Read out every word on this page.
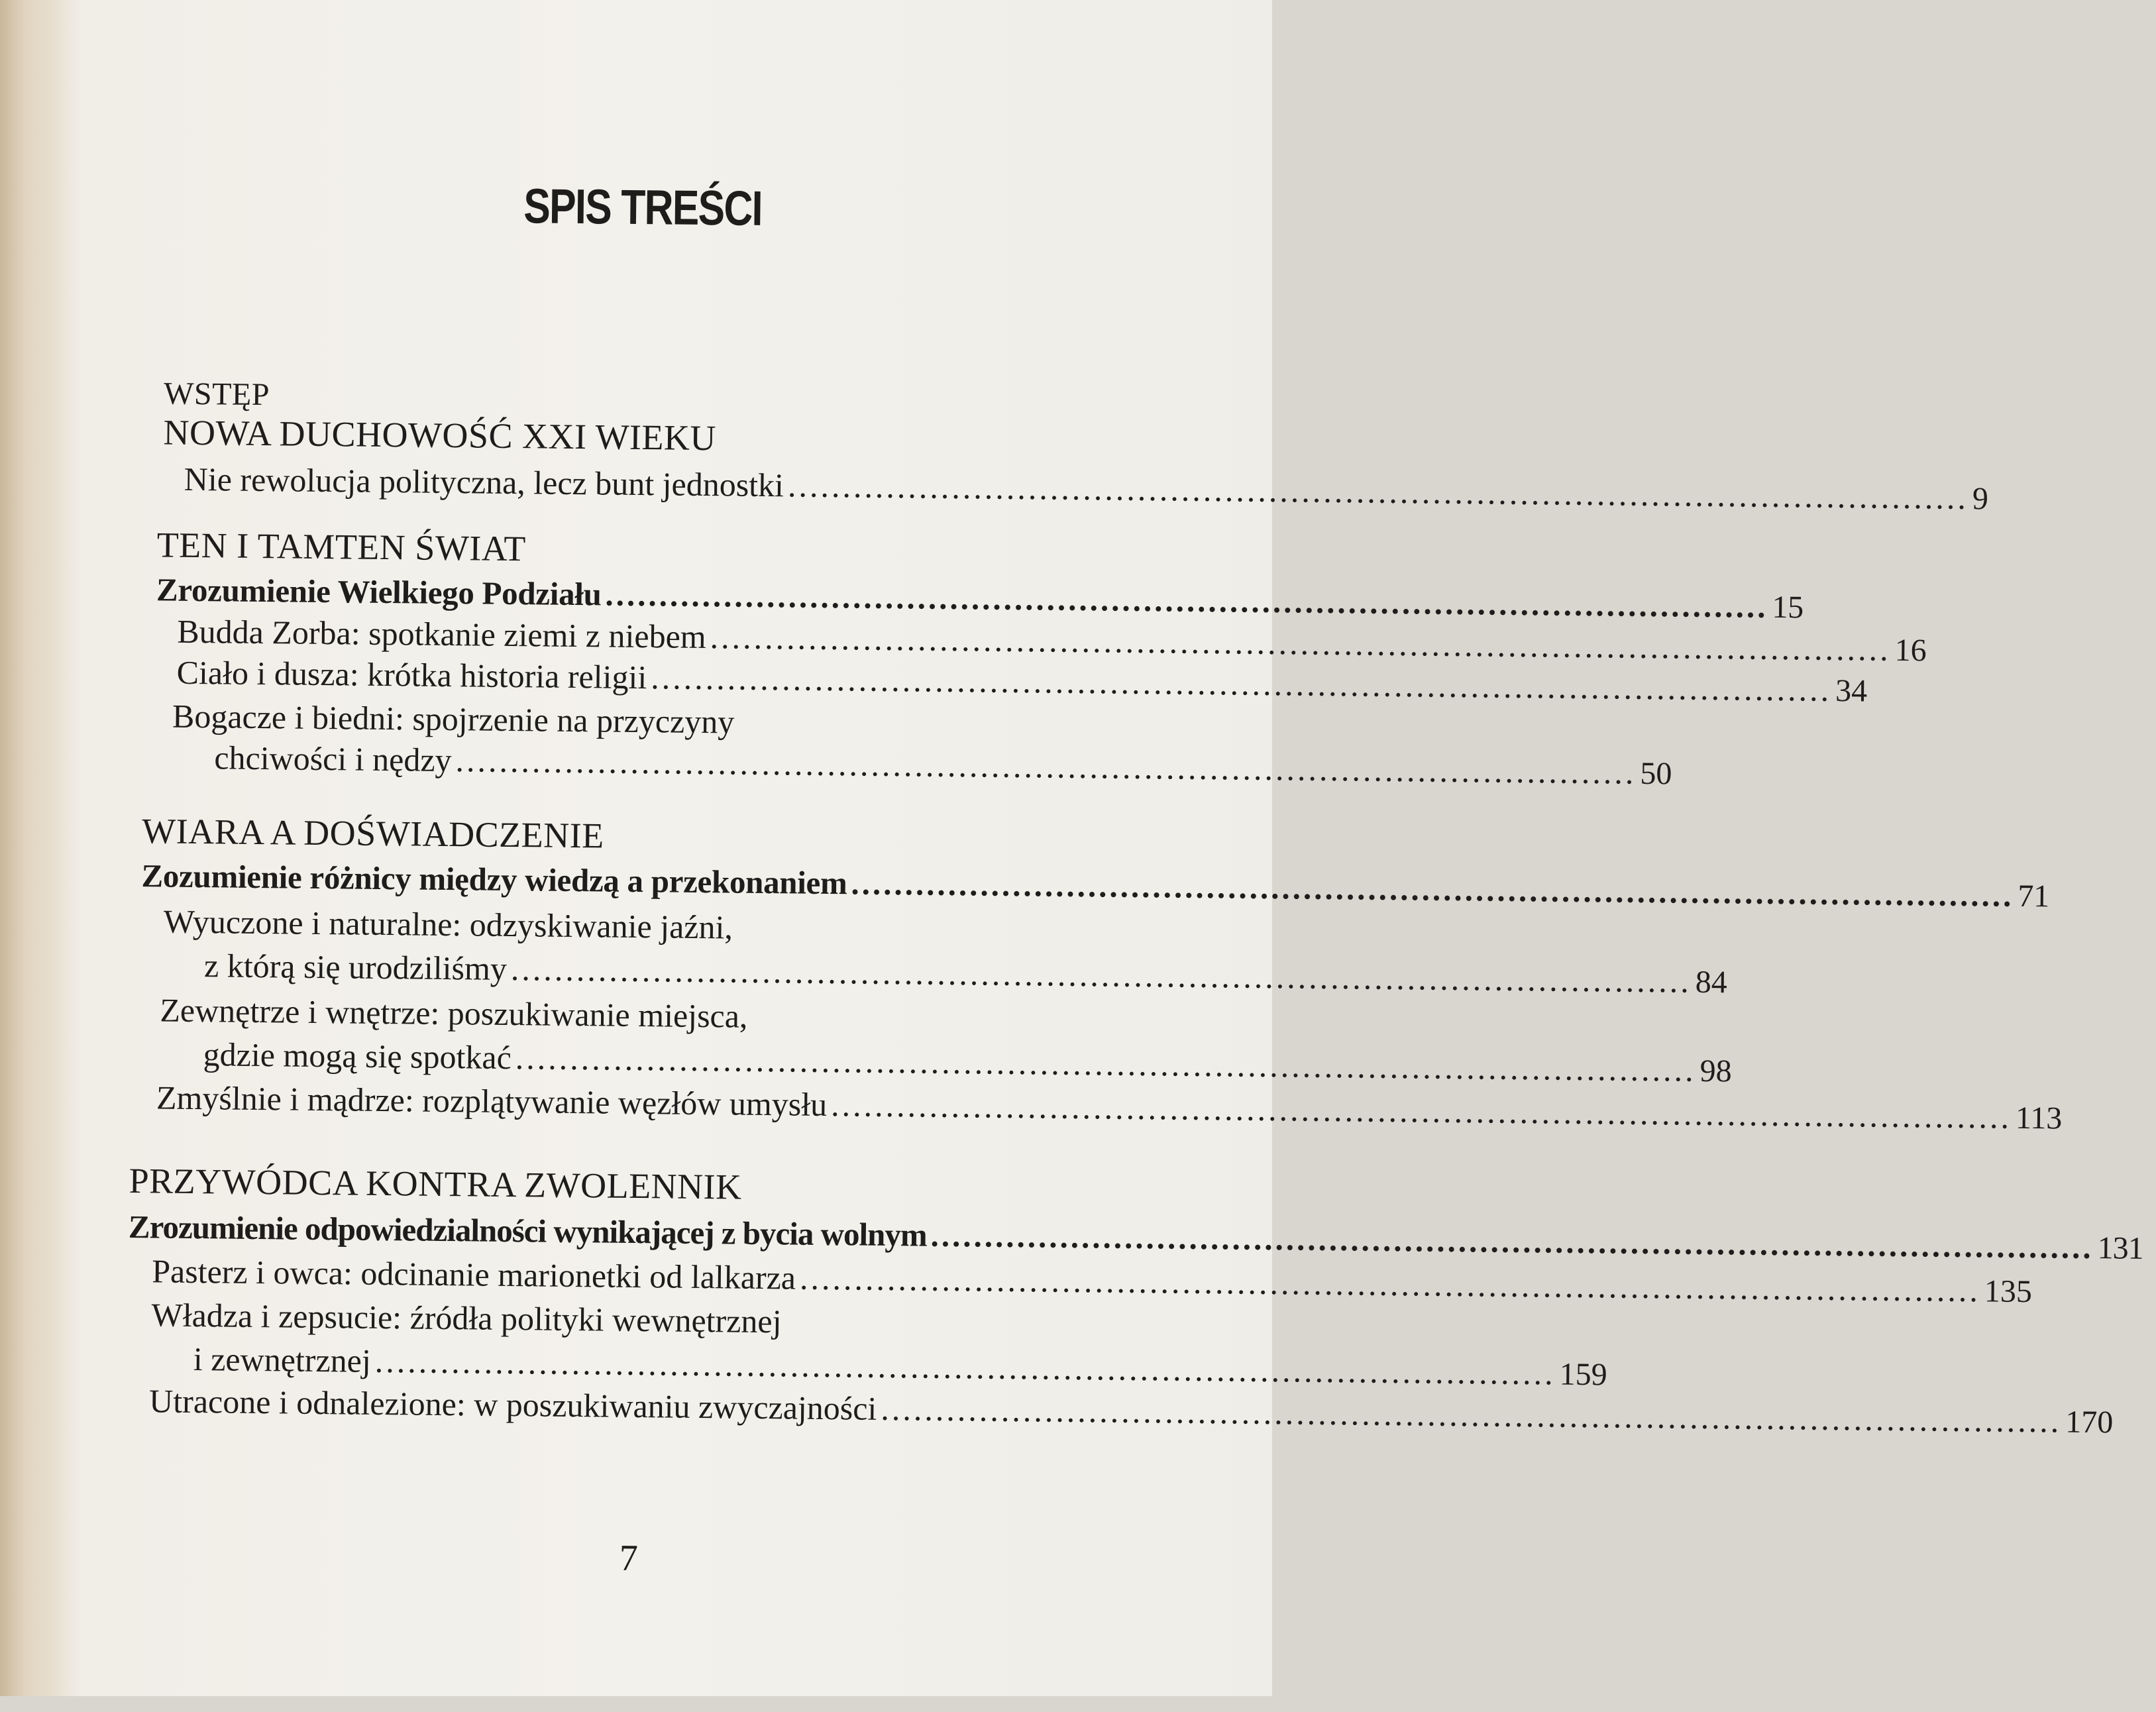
SPIS TREŚCI
WSTĘP
NOWA DUCHOWOŚĆ XXI WIEKU
Nie rewolucja polityczna, lecz bunt jednostki ............................................................................................................ 9
TEN I TAMTEN ŚWIAT
Zrozumienie Wielkiego Podziału ............................................................................................................ 15
Budda Zorba: spotkanie ziemi z niebem ............................................................................................................ 16
Ciało i dusza: krótka historia religii ............................................................................................................ 34
Bogacze i biedni: spojrzenie na przyczyny
chciwości i nędzy ............................................................................................................ 50
WIARA A DOŚWIADCZENIE
Zozumienie różnicy między wiedzą a przekonaniem ............................................................................................................ 71
Wyuczone i naturalne: odzyskiwanie jaźni,
z którą się urodziliśmy ............................................................................................................ 84
Zewnętrze i wnętrze: poszukiwanie miejsca,
gdzie mogą się spotkać ............................................................................................................ 98
Zmyślnie i mądrze: rozplątywanie węzłów umysłu ............................................................................................................ 113
PRZYWÓDCA KONTRA ZWOLENNIK
Zrozumienie odpowiedzialności wynikającej z bycia wolnym ............................................................................................................ 131
Pasterz i owca: odcinanie marionetki od lalkarza ............................................................................................................ 135
Władza i zepsucie: źródła polityki wewnętrznej
i zewnętrznej ............................................................................................................ 159
Utracone i odnalezione: w poszukiwaniu zwyczajności ............................................................................................................ 170
7
